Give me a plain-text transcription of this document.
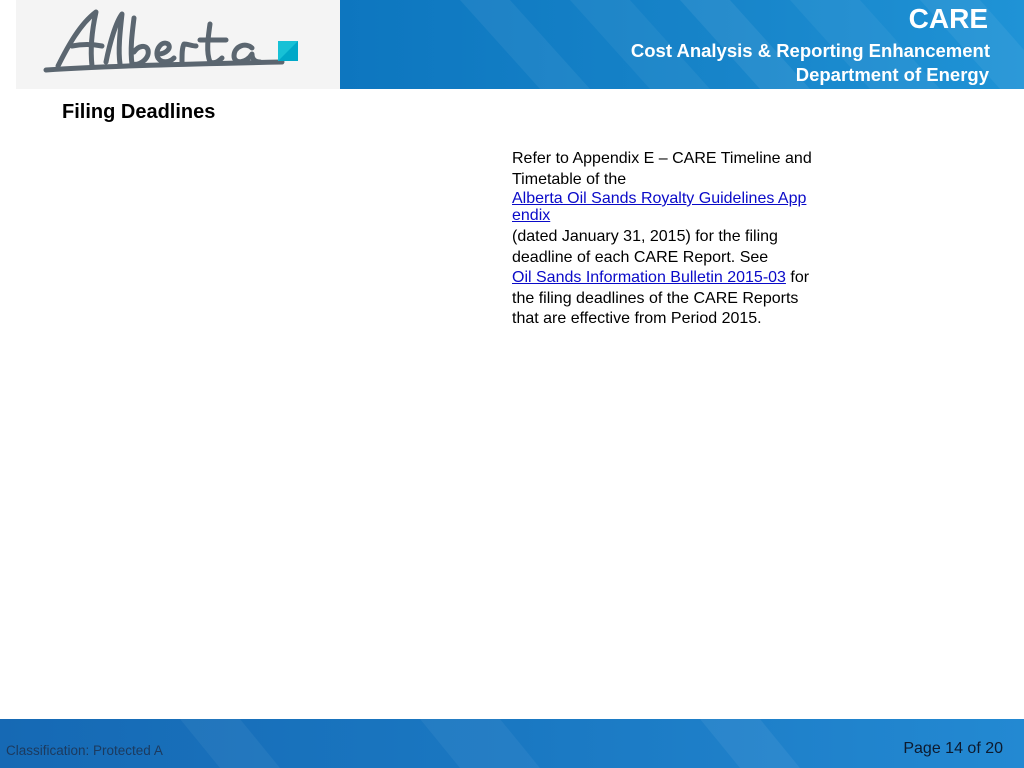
CARE
Cost Analysis & Reporting Enhancement
Department of Energy
Filing Deadlines
Refer to Appendix E – CARE Timeline and
Timetable of the
Alberta Oil Sands Royalty Guidelines App
endix
(dated January 31, 2015) for the filing
deadline of each CARE Report. See
Oil Sands Information Bulletin 2015-03 for
the filing deadlines of the CARE Reports
that are effective from Period 2015.
Classification: Protected A	Page 14 of 20
